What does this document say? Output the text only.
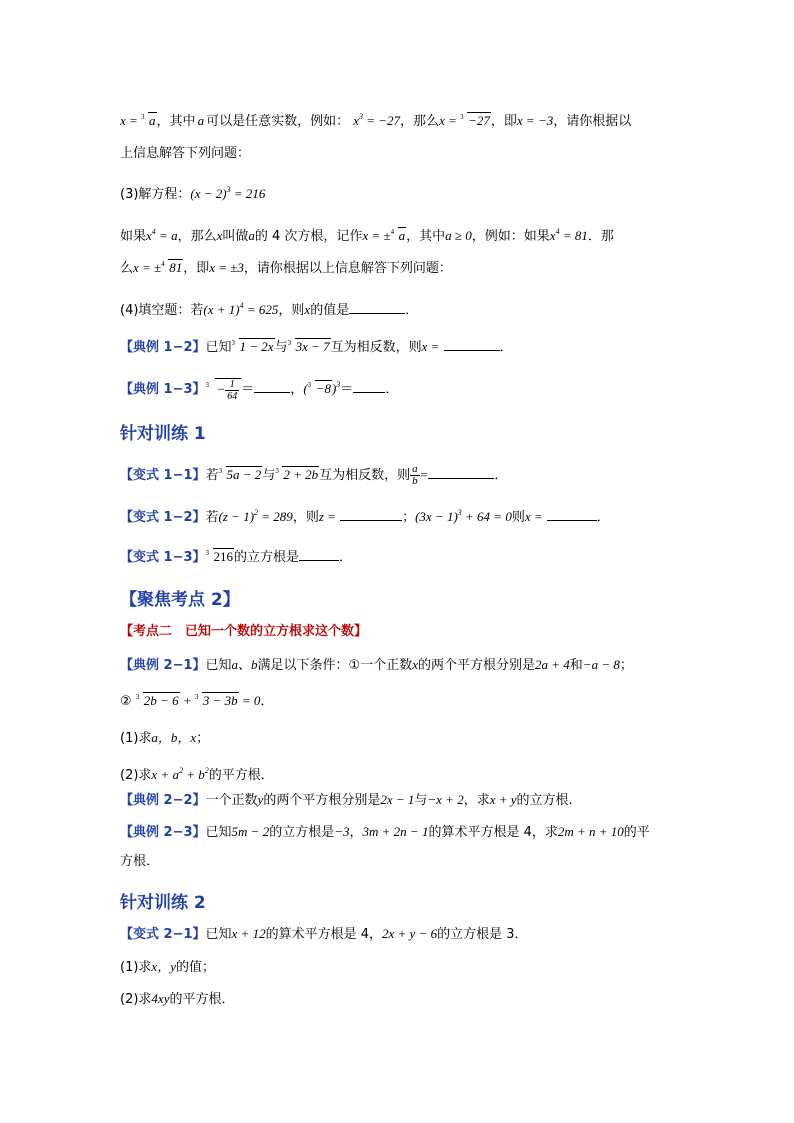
x = 3 a，其中 a 可以是任意实数，例如： $x^3 = -27$，那么x = 3 −27，即x = −3，请你根据以
上信息解答下列问题：
(3)解方程：$(x - 2)^3 = 216$
如果$x^4 = a$，那么x叫做a的 4 次方根，记作x = ± 4 a，其中a ≥ 0，例如：如果$x^4 = 81$．那
么x = ± 4 81，即x = ±3，请你根据以上信息解答下列问题：
(4)填空题：若$(x + 1)^4 = 625$，则x的值是	．
【典例 1−2】已知 3 1 − 2x与 3 3x − 7互为相反数，则x =	．
【典例 1−3】 $3 - \frac{1}{64}$ ＝	，( 3 −8)$^3$＝ ．
针对训练 1
【变式 1−1】若 3 5a − 2与 3 2 + 2b互为相反数，则 $\frac{a}{b}$ =	．
【变式 1−2】若$(z - 1)^2 = 289$，则z =	；$(3x - 1)^3 + 64 = 0$则x =	．
【变式 1−3】 3 216的立方根是	．
【聚焦考点 2】
【考点二　已知一个数的立方根求这个数】
【典例 2−1】已知a、b满足以下条件：①一个正数x的两个平方根分别是2a + 4和−a − 8；
② 3 2b − 6 + 3 3 − 3b = 0．
(1)求a，b，x；
(2)求$x + a^2 + b^2$的平方根．
【典例 2−2】一个正数y的两个平方根分别是2x − 1与−x + 2，求x + y的立方根.
【典例 2−3】已知5m − 2的立方根是−3，3m + 2n − 1的算术平方根是 4，求2m + n + 10的平
方根．
针对训练 2
【变式 2−1】已知x + 12的算术平方根是 4，2x + y − 6的立方根是 3．
(1)求x，y的值；
(2)求4xy的平方根．
